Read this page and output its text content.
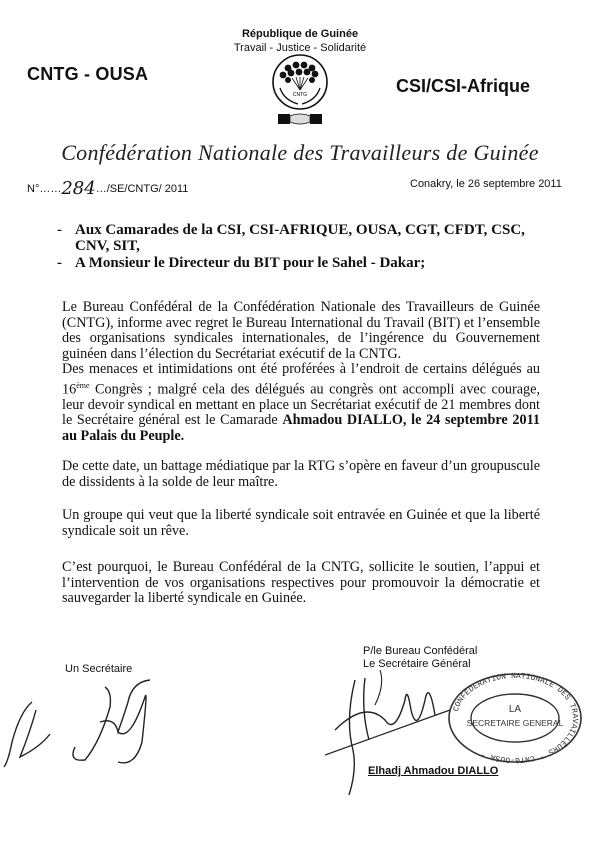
République de Guinée
Travail - Justice - Solidarité
CNTG - OUSA
CSI/CSI-Afrique
CNTG
Confédération Nationale des Travailleurs de Guinée
N°……284…/SE/CNTG/ 2011	Conakry, le 26 septembre 2011
- Aux Camarades de la CSI, CSI-AFRIQUE, OUSA, CGT, CFDT, CSC, CNV, SIT,
- A Monsieur le Directeur du BIT pour le Sahel - Dakar;
Le Bureau Confédéral de la Confédération Nationale des Travailleurs de Guinée (CNTG), informe avec regret le Bureau International du Travail (BIT) et l’ensemble des organisations syndicales internationales, de l’ingérence du Gouvernement guinéen dans l’élection du Secrétariat exécutif de la CNTG.
Des menaces et intimidations ont été proférées à l’endroit de certains délégués au 16ème Congrès ; malgré cela des délégués au congrès ont accompli avec courage, leur devoir syndical en mettant en place un Secrétariat exécutif de 21 membres dont le Secrétaire général est le Camarade Ahmadou DIALLO, le 24 septembre 2011 au Palais du Peuple.
De cette date, un battage médiatique par la RTG s’opère en faveur d’un groupuscule de dissidents à la solde de leur maître.
Un groupe qui veut que la liberté syndicale soit entravée en Guinée et que la liberté syndicale soit un rêve.
C’est pourquoi, le Bureau Confédéral de la CNTG, sollicite le soutien, l’appui et l’intervention de vos organisations respectives pour promouvoir la démocratie et sauvegarder la liberté syndicale en Guinée.
Un Secrétaire
P/le Bureau Confédéral
Le Secrétaire Général
Elhadj Ahmadou DIALLO
CONFEDERATION NATIONALE DES TRAVAILLEURS * CNTG-OUSA *
LA
SECRETAIRE GENERAL
